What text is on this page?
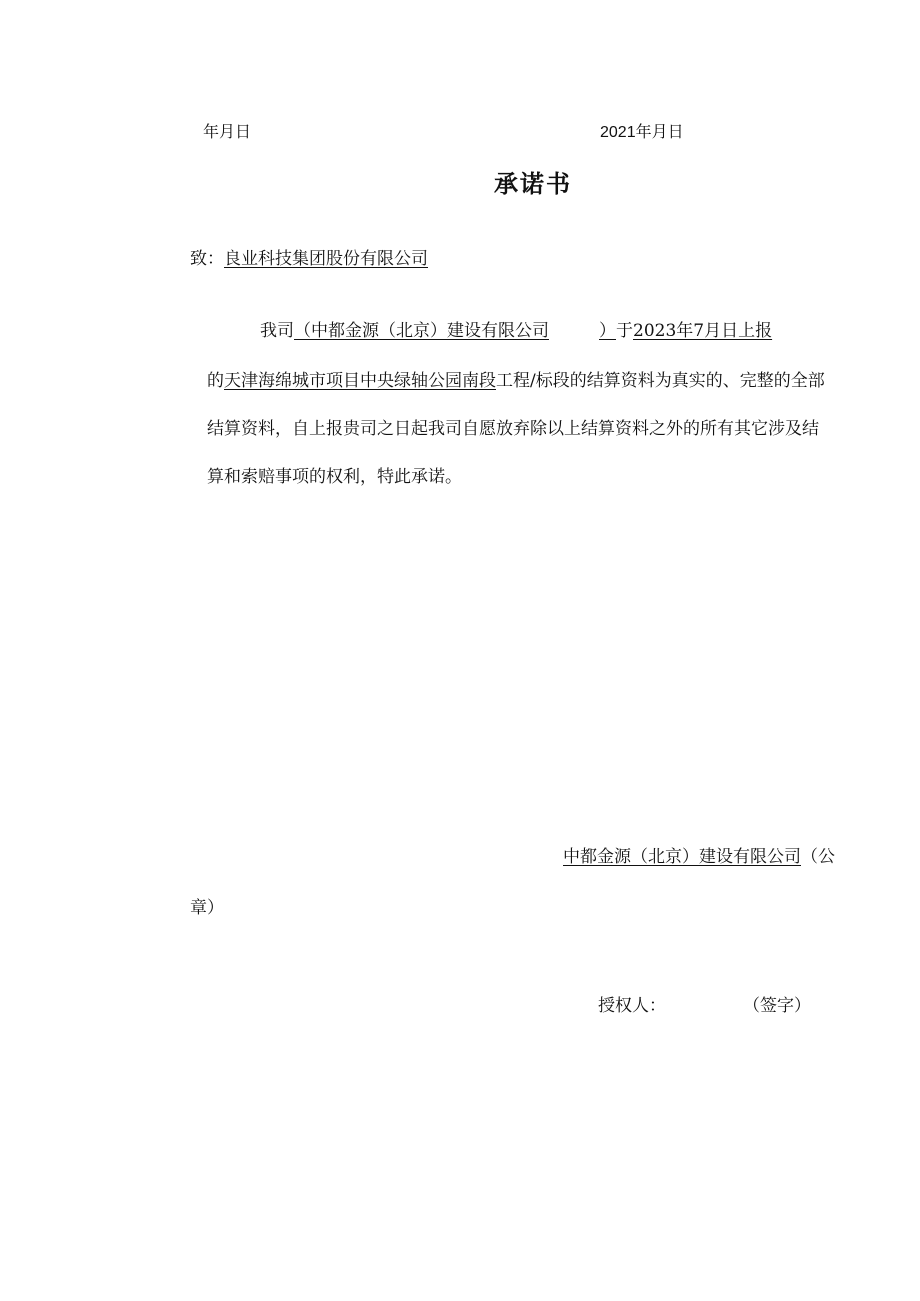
年月日	2021年月日
承诺书
致：良业科技集团股份有限公司
我司（中都金源（北京）建设有限公司	）于2023年7月日上报
的天津海绵城市项目中央绿轴公园南段工程/标段的结算资料为真实的、完整的全部
结算资料，自上报贵司之日起我司自愿放弃除以上结算资料之外的所有其它涉及结
算和索赔事项的权利，特此承诺。
中都金源（北京）建设有限公司（公
章）
授权人：	（签字）
